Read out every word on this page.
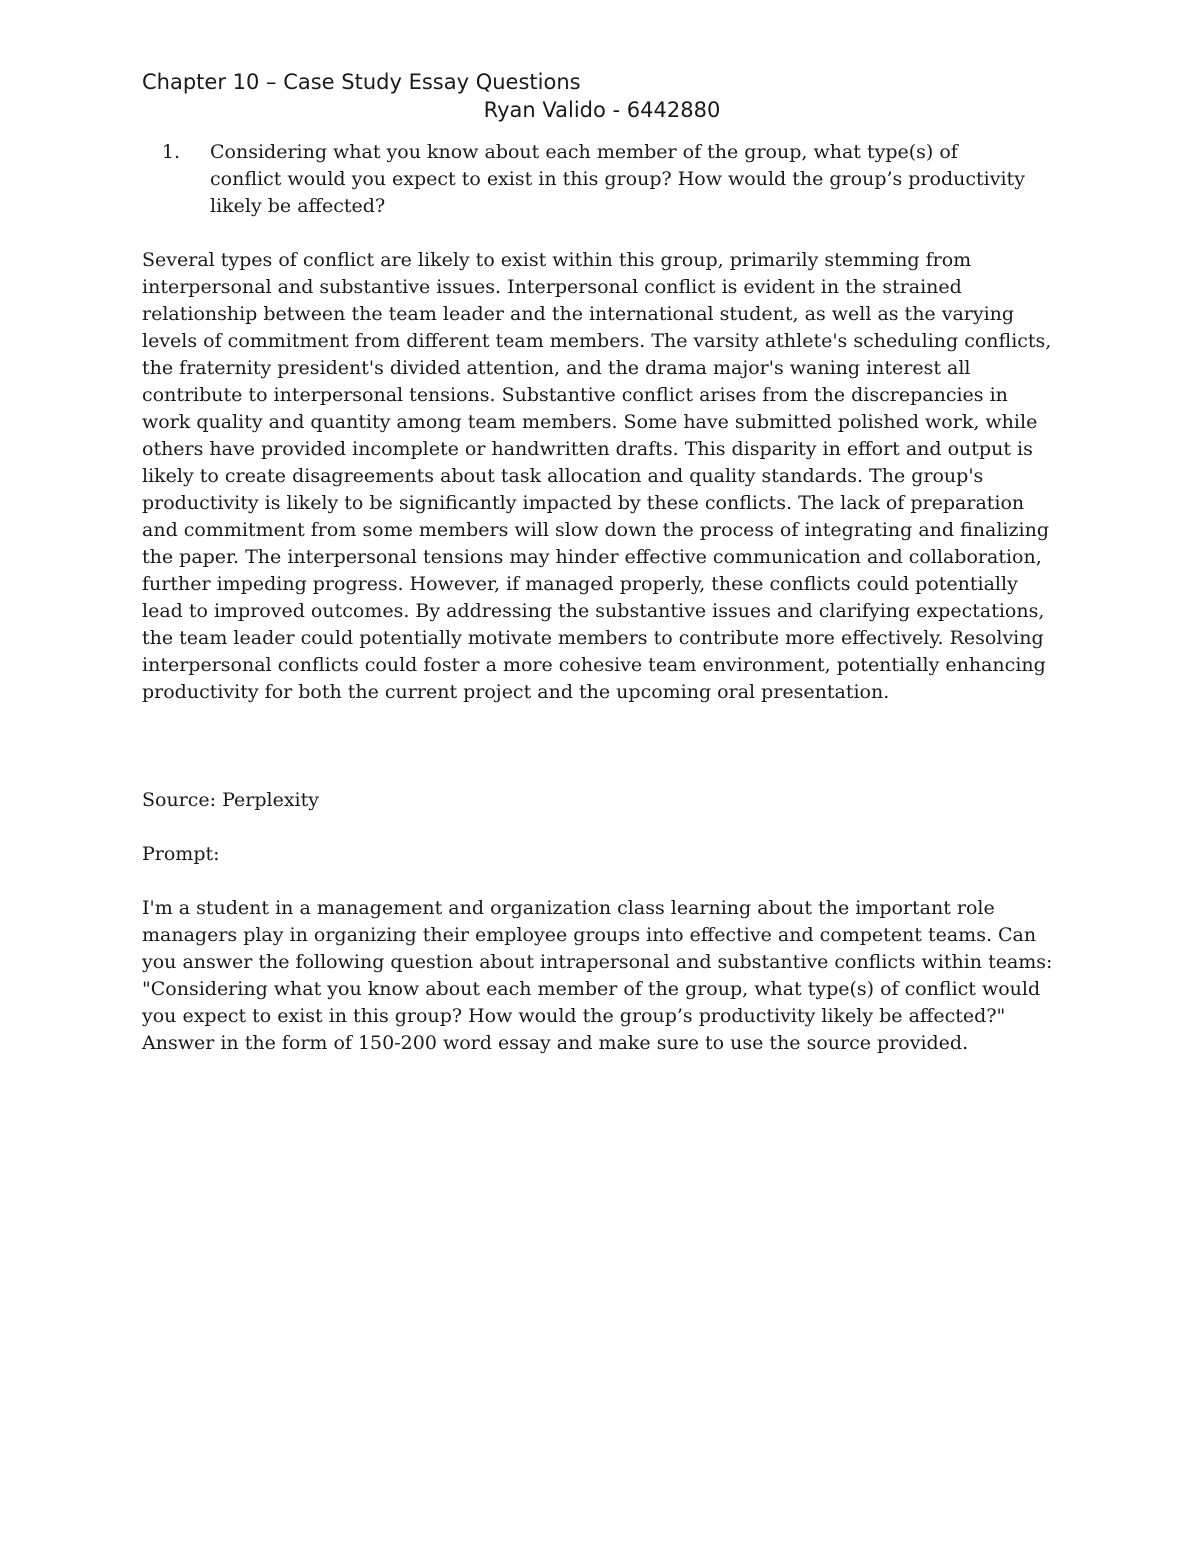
Chapter 10 – Case Study Essay Questions
Ryan Valido - 6442880
1.	Considering what you know about each member of the group, what type(s) of conflict would you expect to exist in this group? How would the group’s productivity likely be affected?

Several types of conflict are likely to exist within this group, primarily stemming from interpersonal and substantive issues. Interpersonal conflict is evident in the strained relationship between the team leader and the international student, as well as the varying levels of commitment from different team members. The varsity athlete's scheduling conflicts, the fraternity president's divided attention, and the drama major's waning interest all contribute to interpersonal tensions. Substantive conflict arises from the discrepancies in work quality and quantity among team members. Some have submitted polished work, while others have provided incomplete or handwritten drafts. This disparity in effort and output is likely to create disagreements about task allocation and quality standards. The group's productivity is likely to be significantly impacted by these conflicts. The lack of preparation and commitment from some members will slow down the process of integrating and finalizing the paper. The interpersonal tensions may hinder effective communication and collaboration, further impeding progress. However, if managed properly, these conflicts could potentially lead to improved outcomes. By addressing the substantive issues and clarifying expectations, the team leader could potentially motivate members to contribute more effectively. Resolving interpersonal conflicts could foster a more cohesive team environment, potentially enhancing productivity for both the current project and the upcoming oral presentation.

Source: Perplexity

Prompt:

I'm a student in a management and organization class learning about the important role managers play in organizing their employee groups into effective and competent teams. Can you answer the following question about intrapersonal and substantive conflicts within teams: "Considering what you know about each member of the group, what type(s) of conflict would you expect to exist in this group? How would the group’s productivity likely be affected?" Answer in the form of 150-200 word essay and make sure to use the source provided.
